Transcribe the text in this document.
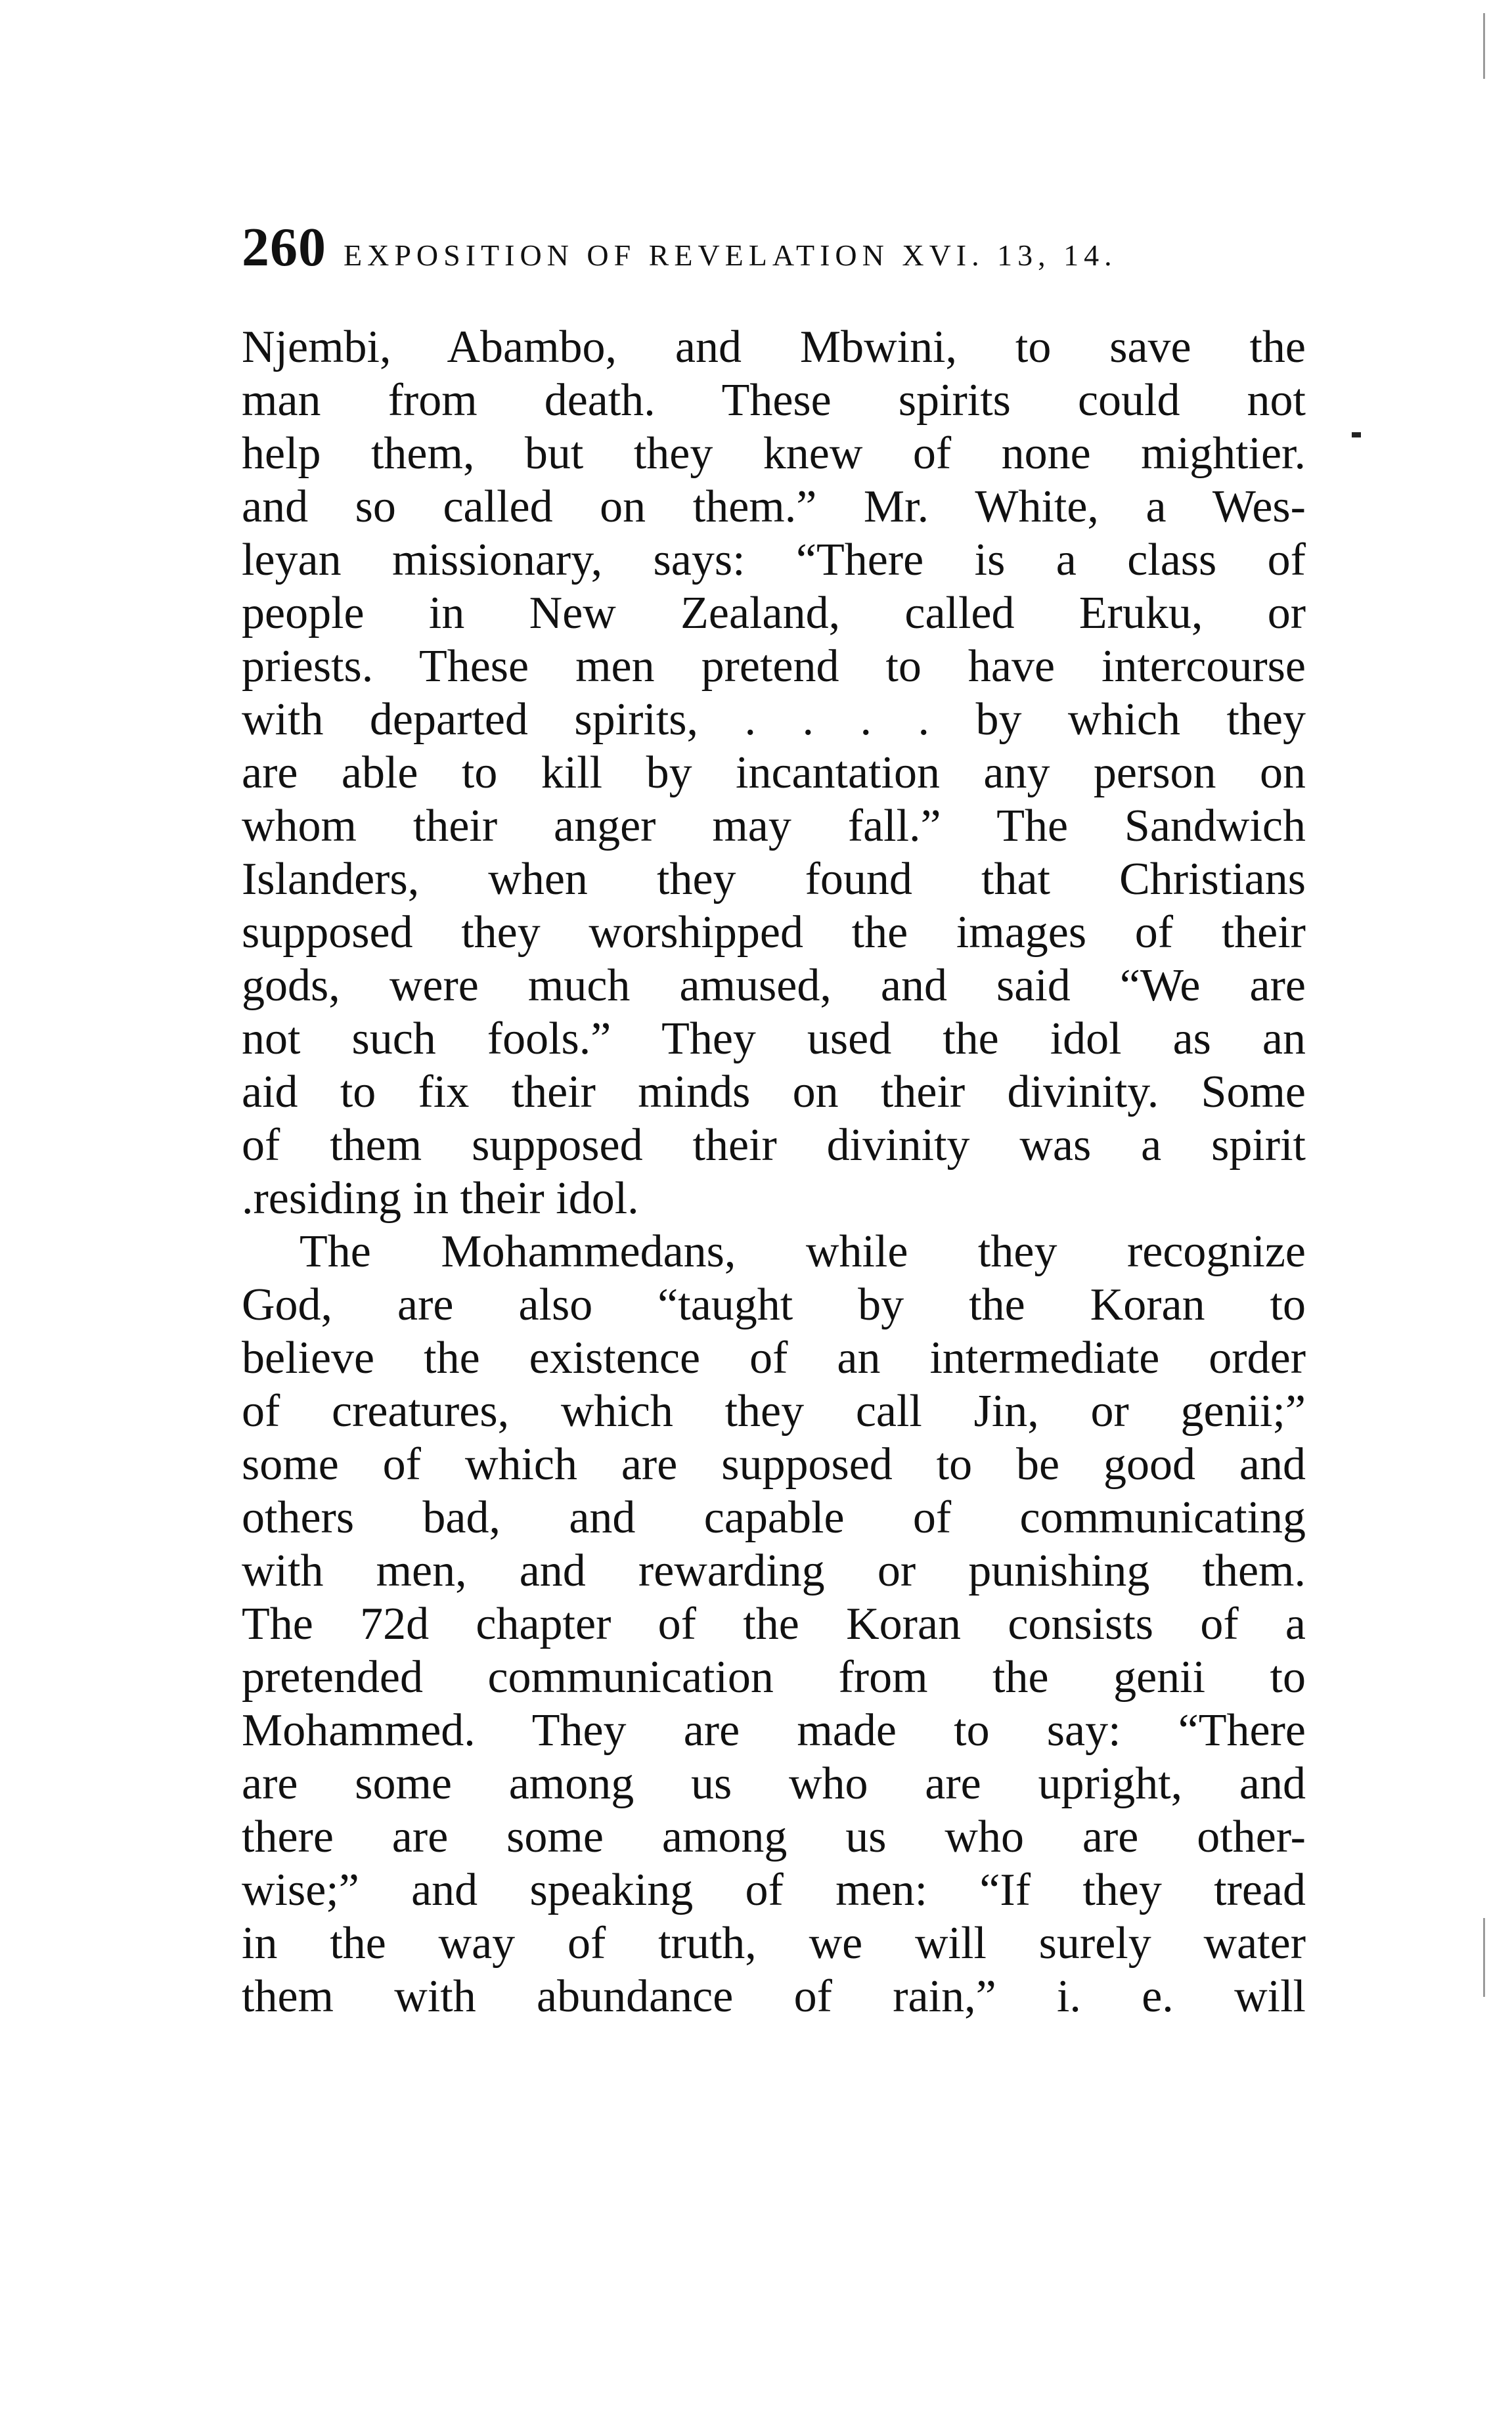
260 EXPOSITION OF REVELATION XVI. 13, 14.
Njembi, Abambo, and Mbwini, to save the
man from death. These spirits could not
help them, but they knew of none mightier.
and so called on them.” Mr. White, a Wes-
leyan missionary, says: “There is a class of
people in New Zealand, called Eruku, or
priests. These men pretend to have intercourse
with departed spirits, . . . . by which they
are able to kill by incantation any person on
whom their anger may fall.” The Sandwich
Islanders, when they found that Christians
supposed they worshipped the images of their
gods, were much amused, and said “We are
not such fools.” They used the idol as an
aid to fix their minds on their divinity. Some
of them supposed their divinity was a spirit
.residing in their idol.
The Mohammedans, while they recognize
God, are also “taught by the Koran to
believe the existence of an intermediate order
of creatures, which they call Jin, or genii;”
some of which are supposed to be good and
others bad, and capable of communicating
with men, and rewarding or punishing them.
The 72d chapter of the Koran consists of a
pretended communication from the genii to
Mohammed. They are made to say: “There
are some among us who are upright, and
there are some among us who are other-
wise;” and speaking of men: “If they tread
in the way of truth, we will surely water
them with abundance of rain,” i. e. will
